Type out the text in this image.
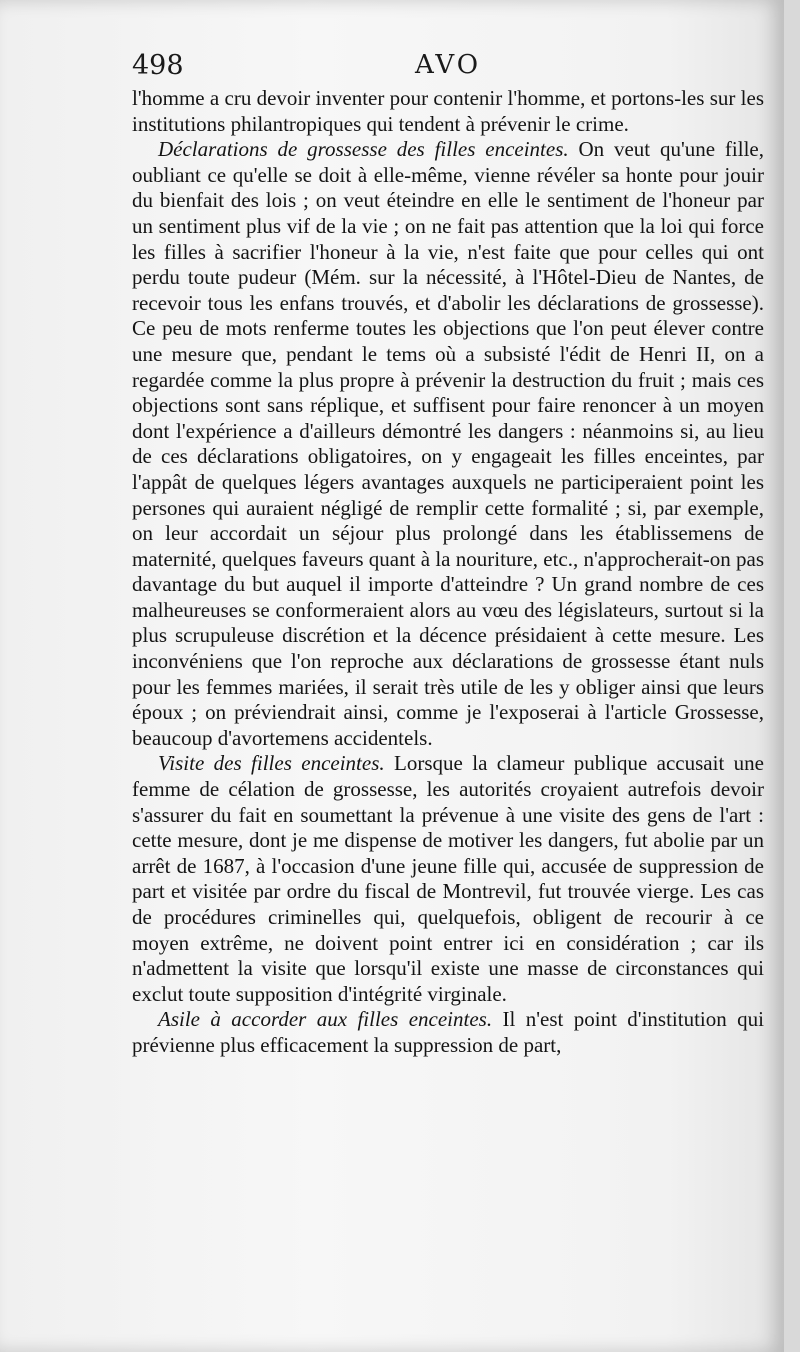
498	AVO

l'homme a cru devoir inventer pour contenir l'homme, et portons-les sur les institutions philantropiques qui tendent à prévenir le crime.

Déclarations de grossesse des filles enceintes. On veut qu'une fille, oubliant ce qu'elle se doit à elle-même, vienne révéler sa honte pour jouir du bienfait des lois ; on veut éteindre en elle le sentiment de l'honeur par un sentiment plus vif de la vie ; on ne fait pas attention que la loi qui force les filles à sacrifier l'honeur à la vie, n'est faite que pour celles qui ont perdu toute pudeur (Mém. sur la nécessité, à l'Hôtel-Dieu de Nantes, de recevoir tous les enfans trouvés, et d'abolir les déclarations de grossesse). Ce peu de mots renferme toutes les objections que l'on peut élever contre une mesure que, pendant le tems où a subsisté l'édit de Henri II, on a regardée comme la plus propre à prévenir la destruction du fruit ; mais ces objections sont sans réplique, et suffisent pour faire renoncer à un moyen dont l'expérience a d'ailleurs démontré les dangers : néanmoins si, au lieu de ces déclarations obligatoires, on y engageait les filles enceintes, par l'appât de quelques légers avantages auxquels ne participeraient point les persones qui auraient négligé de remplir cette formalité ; si, par exemple, on leur accordait un séjour plus prolongé dans les établissemens de maternité, quelques faveurs quant à la nouriture, etc., n'approcherait-on pas davantage du but auquel il importe d'atteindre ? Un grand nombre de ces malheureuses se conformeraient alors au vœu des législateurs, surtout si la plus scrupuleuse discrétion et la décence présidaient à cette mesure. Les inconvéniens que l'on reproche aux déclarations de grossesse étant nuls pour les femmes mariées, il serait très utile de les y obliger ainsi que leurs époux ; on préviendrait ainsi, comme je l'exposerai à l'article Grossesse, beaucoup d'avortemens accidentels.

Visite des filles enceintes. Lorsque la clameur publique accusait une femme de célation de grossesse, les autorités croyaient autrefois devoir s'assurer du fait en soumettant la prévenue à une visite des gens de l'art : cette mesure, dont je me dispense de motiver les dangers, fut abolie par un arrêt de 1687, à l'occasion d'une jeune fille qui, accusée de suppression de part et visitée par ordre du fiscal de Montrevil, fut trouvée vierge. Les cas de procédures criminelles qui, quelquefois, obligent de recourir à ce moyen extrême, ne doivent point entrer ici en considération ; car ils n'admettent la visite que lorsqu'il existe une masse de circonstances qui exclut toute supposition d'intégrité virginale.

Asile à accorder aux filles enceintes. Il n'est point d'institution qui prévienne plus efficacement la suppression de part,
